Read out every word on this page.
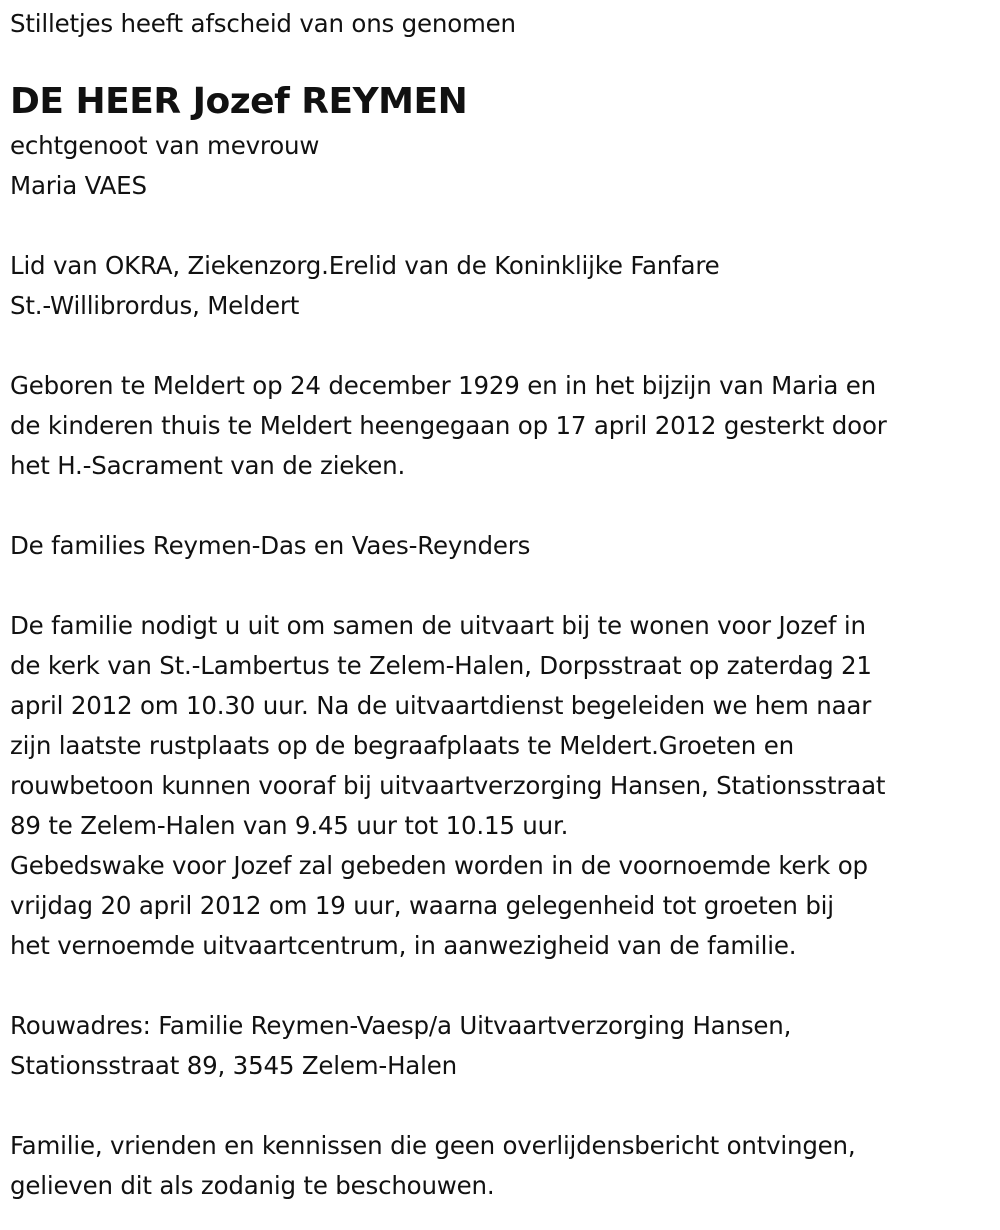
Stilletjes heeft afscheid van ons genomen
DE HEER Jozef REYMEN
echtgenoot van mevrouw
Maria VAES
Lid van OKRA, Ziekenzorg.Erelid van de Koninklijke Fanfare
St.-Willibrordus, Meldert
Geboren te Meldert op 24 december 1929 en in het bijzijn van Maria en
de kinderen thuis te Meldert heengegaan op 17 april 2012 gesterkt door
het H.-Sacrament van de zieken.
De families Reymen-Das en Vaes-Reynders
De familie nodigt u uit om samen de uitvaart bij te wonen voor Jozef in
de kerk van St.-Lambertus te Zelem-Halen, Dorpsstraat op zaterdag 21
april 2012 om 10.30 uur. Na de uitvaartdienst begeleiden we hem naar
zijn laatste rustplaats op de begraafplaats te Meldert.Groeten en
rouwbetoon kunnen vooraf bij uitvaartverzorging Hansen, Stationsstraat
89 te Zelem-Halen van 9.45 uur tot 10.15 uur.
Gebedswake voor Jozef zal gebeden worden in de voornoemde kerk op
vrijdag 20 april 2012 om 19 uur, waarna gelegenheid tot groeten bij
het vernoemde uitvaartcentrum, in aanwezigheid van de familie.
Rouwadres: Familie Reymen-Vaesp/a Uitvaartverzorging Hansen,
Stationsstraat 89, 3545 Zelem-Halen
Familie, vrienden en kennissen die geen overlijdensbericht ontvingen,
gelieven dit als zodanig te beschouwen.
